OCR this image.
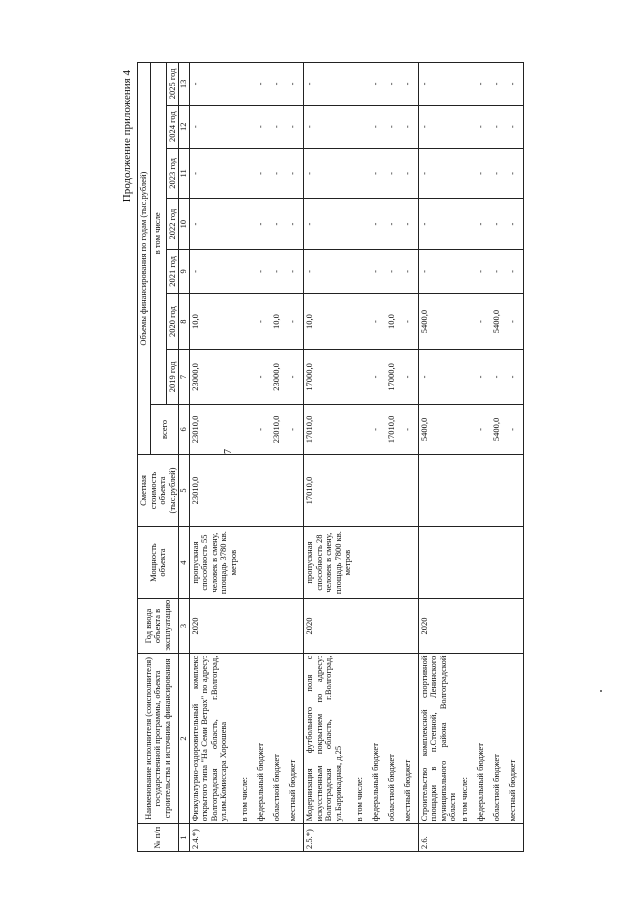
7
Продолжение приложения 4
№ п/п	Наименование исполнителя (соисполнителя) государственной программы, объекта строительства и источника финансирования	Год ввода объекта в эксплуатацию	Мощность объекта	Сметная стоимость объекта (тыс.рублей)	Объемы финансирования по годам (тыс.рублей)							
					всего	в том числе						
						2019 год	2020 год	2021 год	2022 год	2023 год	2024 год	2025 год
1	2	3	4	5	6	7	8	9	10	11	12	13
2.4.*)	Физкультурно-оздоровительный комплекс открытого типа "На Семи Ветрах" по адресу: Волгоградская область, г.Волгоград, ул.им.Комиссара Хорошева	2020	пропускная способность 55 человек в смену, площадь 3780 кв. метров	23010,0	23010,0	23000,0	10,0	-	-	-	-	-
	в том числе:											
	федеральный бюджет				-	-	-	-	-	-	-	-
	областной бюджет				23010,0	23000,0	10,0	-	-	-	-	-
	местный бюджет				-	-	-	-	-	-	-	-
2.5.*)	Модернизация футбольного поля с искусственным покрытием по адресу: Волгоградская область, г.Волгоград, ул.Баррикадная, д.25	2020	пропускная способность 28 человек в смену, площадь 7800 кв. метров	17010,0	17010,0	17000,0	10,0	-	-	-	-	-
	в том числе:											
	федеральный бюджет				-	-	-	-	-	-	-	-
	областной бюджет				17010,0	17000,0	10,0	-	-	-	-	-
	местный бюджет				-	-	-	-	-	-	-	-
2.6.	Строительство комплексной спортивной площадки в п.Степной, Ленинского муниципального района Волгоградской области	2020			5400,0	-	5400,0	-	-	-	-	-
	в том числе:											
	федеральный бюджет				-	-	-	-	-	-	-	-
	областной бюджет				5400,0	-	5400,0	-	-	-	-	-
	местный бюджет				-	-	-	-	-	-	-	-
